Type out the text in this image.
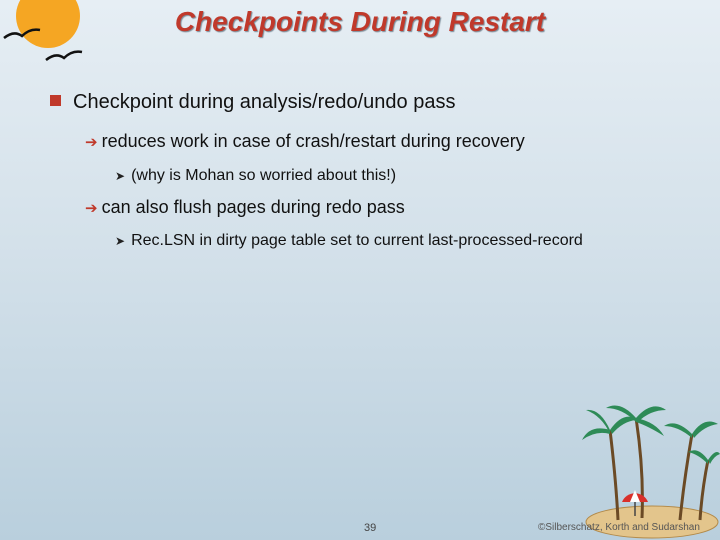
Checkpoints During Restart
Checkpoint during analysis/redo/undo pass
➔ reduces work in case of crash/restart during recovery
➤ (why is Mohan so worried about this!)
➔ can also flush pages during redo pass
➤ Rec.LSN in dirty page table set to current last-processed-record
39	©Silberschatz, Korth and Sudarshan
